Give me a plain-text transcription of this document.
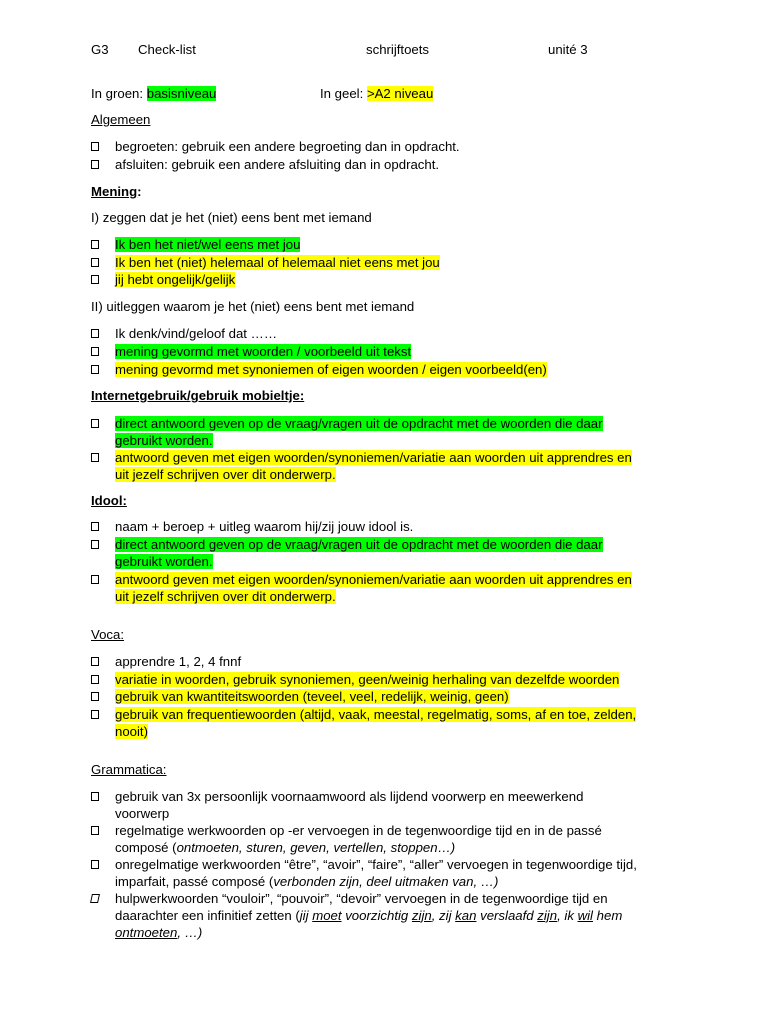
G3 Check-list	schrijftoets	unité 3
In groen: basisniveau	In geel: >A2 niveau
Algemeen
begroeten: gebruik een andere begroeting dan in opdracht.
afsluiten: gebruik een andere afsluiting dan in opdracht.
Mening:
I) zeggen dat je het (niet) eens bent met iemand
Ik ben het niet/wel eens met jou
Ik ben het (niet) helemaal of helemaal niet eens met jou
jij hebt ongelijk/gelijk
II) uitleggen waarom je het (niet) eens bent met iemand
Ik denk/vind/geloof dat ……
mening gevormd met woorden / voorbeeld uit tekst
mening gevormd met synoniemen of eigen woorden / eigen voorbeeld(en)
Internetgebruik/gebruik mobieltje:
direct antwoord geven op de vraag/vragen uit de opdracht met de woorden die daar
gebruikt worden.
antwoord geven met eigen woorden/synoniemen/variatie aan woorden uit apprendres en
uit jezelf schrijven over dit onderwerp.
Idool:
naam + beroep + uitleg waarom hij/zij jouw idool is.
direct antwoord geven op de vraag/vragen uit de opdracht met de woorden die daar
gebruikt worden.
antwoord geven met eigen woorden/synoniemen/variatie aan woorden uit apprendres en
uit jezelf schrijven over dit onderwerp.
Voca:
apprendre 1, 2, 4 fnnf
variatie in woorden, gebruik synoniemen, geen/weinig herhaling van dezelfde woorden
gebruik van kwantiteitswoorden (teveel, veel, redelijk, weinig, geen)
gebruik van frequentiewoorden (altijd, vaak, meestal, regelmatig, soms, af en toe, zelden,
nooit)
Grammatica:
gebruik van 3x persoonlijk voornaamwoord als lijdend voorwerp en meewerkend
voorwerp
regelmatige werkwoorden op -er vervoegen in de tegenwoordige tijd en in de passé
composé (ontmoeten, sturen, geven, vertellen, stoppen…)
onregelmatige werkwoorden “être”, “avoir”, “faire”, “aller” vervoegen in tegenwoordige tijd,
imparfait, passé composé (verbonden zijn, deel uitmaken van, …)
hulpwerkwoorden “vouloir”, “pouvoir”, “devoir” vervoegen in de tegenwoordige tijd en
daarachter een infinitief zetten (jij moet voorzichtig zijn, zij kan verslaafd zijn, ik wil hem
ontmoeten, …)
